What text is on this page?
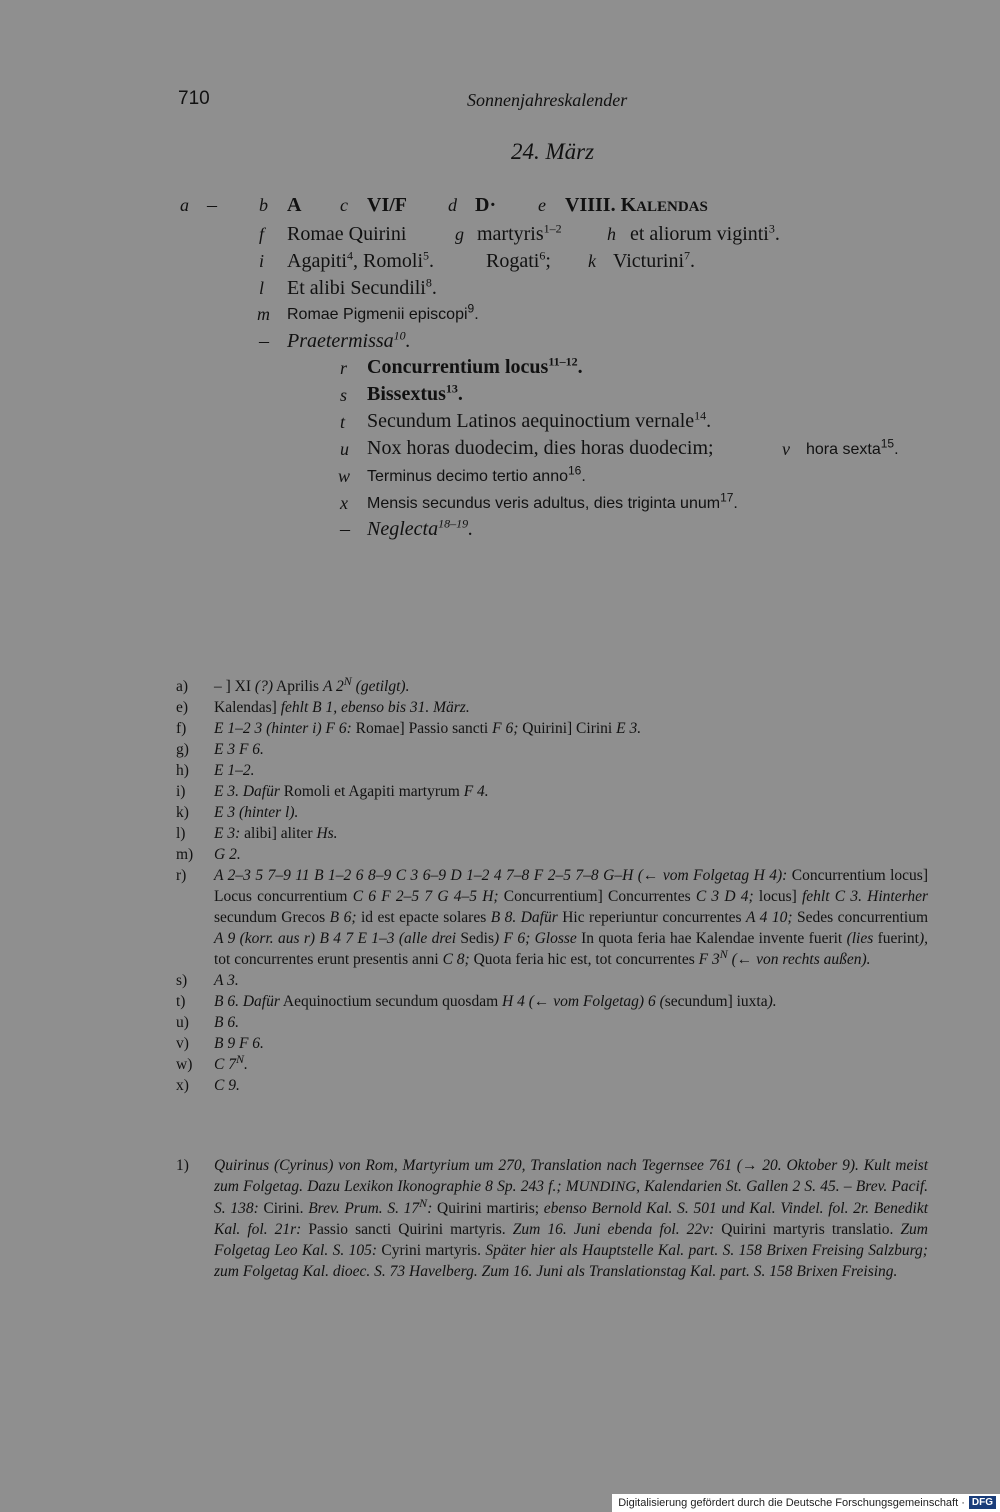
710	Sonnenjahreskalender
24. März
a – b A c VI/F d D· e VIIII. KALENDAS
f Romae Quirini	g martyris$^{1-2}$	h et aliorum viginti$^3$.
i Agapiti$^4$, Romoli$^5$.	Rogati$^6$; k Victurini$^7$.
l Et alibi Secundili$^8$.
m Romae Pigmenii episcopi$^9$.
– Praetermissa$^{10}$.
r Concurrentium locus$^{11-12}$.
s Bissextus$^{13}$.
t Secundum Latinos aequinoctium vernale$^{14}$.
u Nox horas duodecim, dies horas duodecim;	v hora sexta$^{15}$.
w Terminus decimo tertio anno$^{16}$.
x Mensis secundus veris adultus, dies triginta unum$^{17}$.
– Neglecta$^{18-19}$.
a)	– ] XI (?) Aprilis A $2^N$ (getilgt).
e)	Kalendas] fehlt B 1, ebenso bis 31. März.
f)	E 1–2 3 (hinter i) F 6: Romae] Passio sancti F 6; Quirini] Cirini E 3.
g)	E 3 F 6.
h)	E 1–2.
i)	E 3. Dafür Romoli et Agapiti martyrum F 4.
k)	E 3 (hinter l).
l)	E 3: alibi] aliter Hs.
m)	G 2.
r)	A 2–3 5 7–9 11 B 1–2 6 8–9 C 3 6–9 D 1–2 4 7–8 F 2–5 7–8 G–H (← vom Folgetag H 4): Concurrentium locus] Locus concurrentium C 6 F 2–5 7 G 4–5 H; Concurrentium] Concurrentes C 3 D 4; locus] fehlt C 3. Hinterher secundum Grecos B 6; id est epacte solares B 8. Dafür Hic reperiuntur concurrentes A 4 10; Sedes concurrentium A 9 (korr. aus r) B 4 7 E 1–3 (alle drei Sedis) F 6; Glosse In quota feria hae Kalendae invente fuerit (lies fuerint), tot concurrentes erunt presentis anni C 8; Quota feria hic est, tot concurrentes F $3^N$ (← von rechts außen).
s)	A 3.
t)	B 6. Dafür Aequinoctium secundum quosdam H 4 (← vom Folgetag) 6 (secundum] iuxta).
u)	B 6.
v)	B 9 F 6.
w)	C $7^N$.
x)	C 9.
1)	Quirinus (Cyrinus) von Rom, Martyrium um 270, Translation nach Tegernsee 761 (→ 20. Oktober 9). Kult meist zum Folgetag. Dazu Lexikon Ikonographie 8 Sp. 243 f.; MUNDING, Kalendarien St. Gallen 2 S. 45. – Brev. Pacif. S. 138: Cirini. Brev. Prum. S. $17^N$: Quirini martiris; ebenso Bernold Kal. S. 501 und Kal. Vindel. fol. 2r. Benedikt Kal. fol. 21r: Passio sancti Quirini martyris. Zum 16. Juni ebenda fol. 22v: Quirini martyris translatio. Zum Folgetag Leo Kal. S. 105: Cyrini martyris. Später hier als Hauptstelle Kal. part. S. 158 Brixen Freising Salzburg; zum Folgetag Kal. dioec. S. 73 Havelberg. Zum 16. Juni als Translationstag Kal. part. S. 158 Brixen Freising.
Digitalisierung gefördert durch die Deutsche Forschungsgemeinschaft · DFG
